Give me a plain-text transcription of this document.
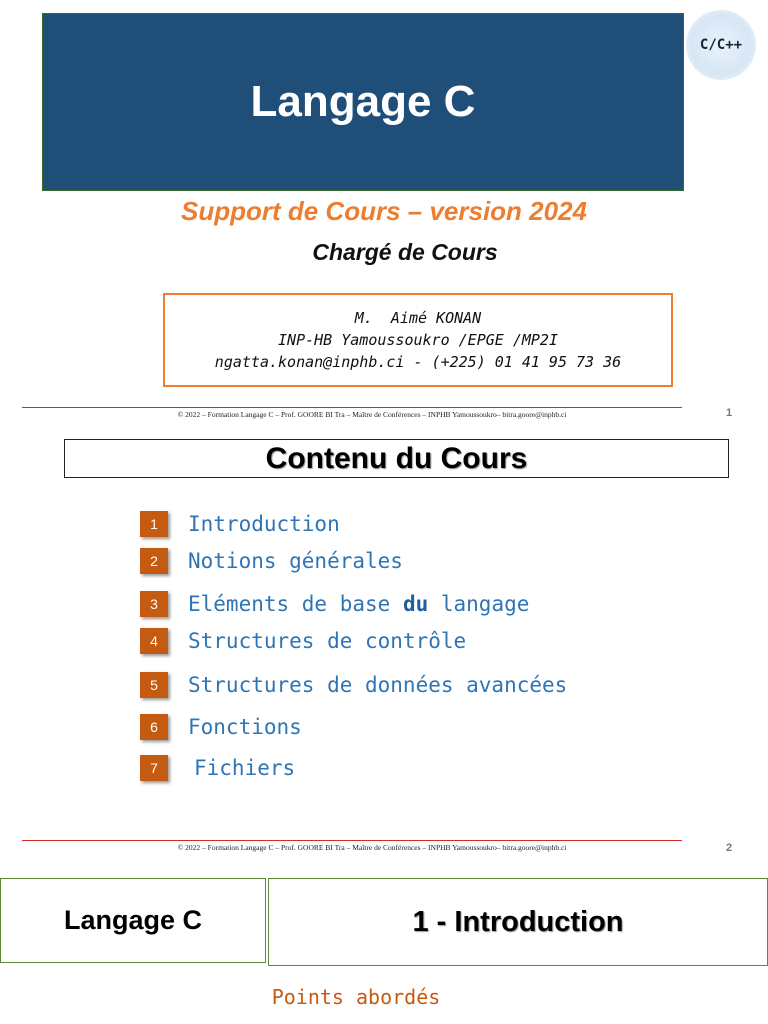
Langage C
C/C++
Support de Cours – version 2024
Chargé de Cours
M.  Aimé KONAN
INP-HB Yamoussoukro /EPGE /MP2I
ngatta.konan@inphb.ci - (+225) 01 41 95 73 36
© 2022 – Formation Langage C – Prof. GOORE BI Tra – Maître de Conférences – INPHB Yamoussoukro– bitra.goore@inphb.ci	1
Contenu du Cours
1	Introduction
2	Notions générales
3	Eléments de base du langage
4	Structures de contrôle
5	Structures de données avancées
6	Fonctions
7	Fichiers
© 2022 – Formation Langage C – Prof. GOORE BI Tra – Maître de Conférences – INPHB Yamoussoukro– bitra.goore@inphb.ci	2
Langage C	1 - Introduction
Points abordés
